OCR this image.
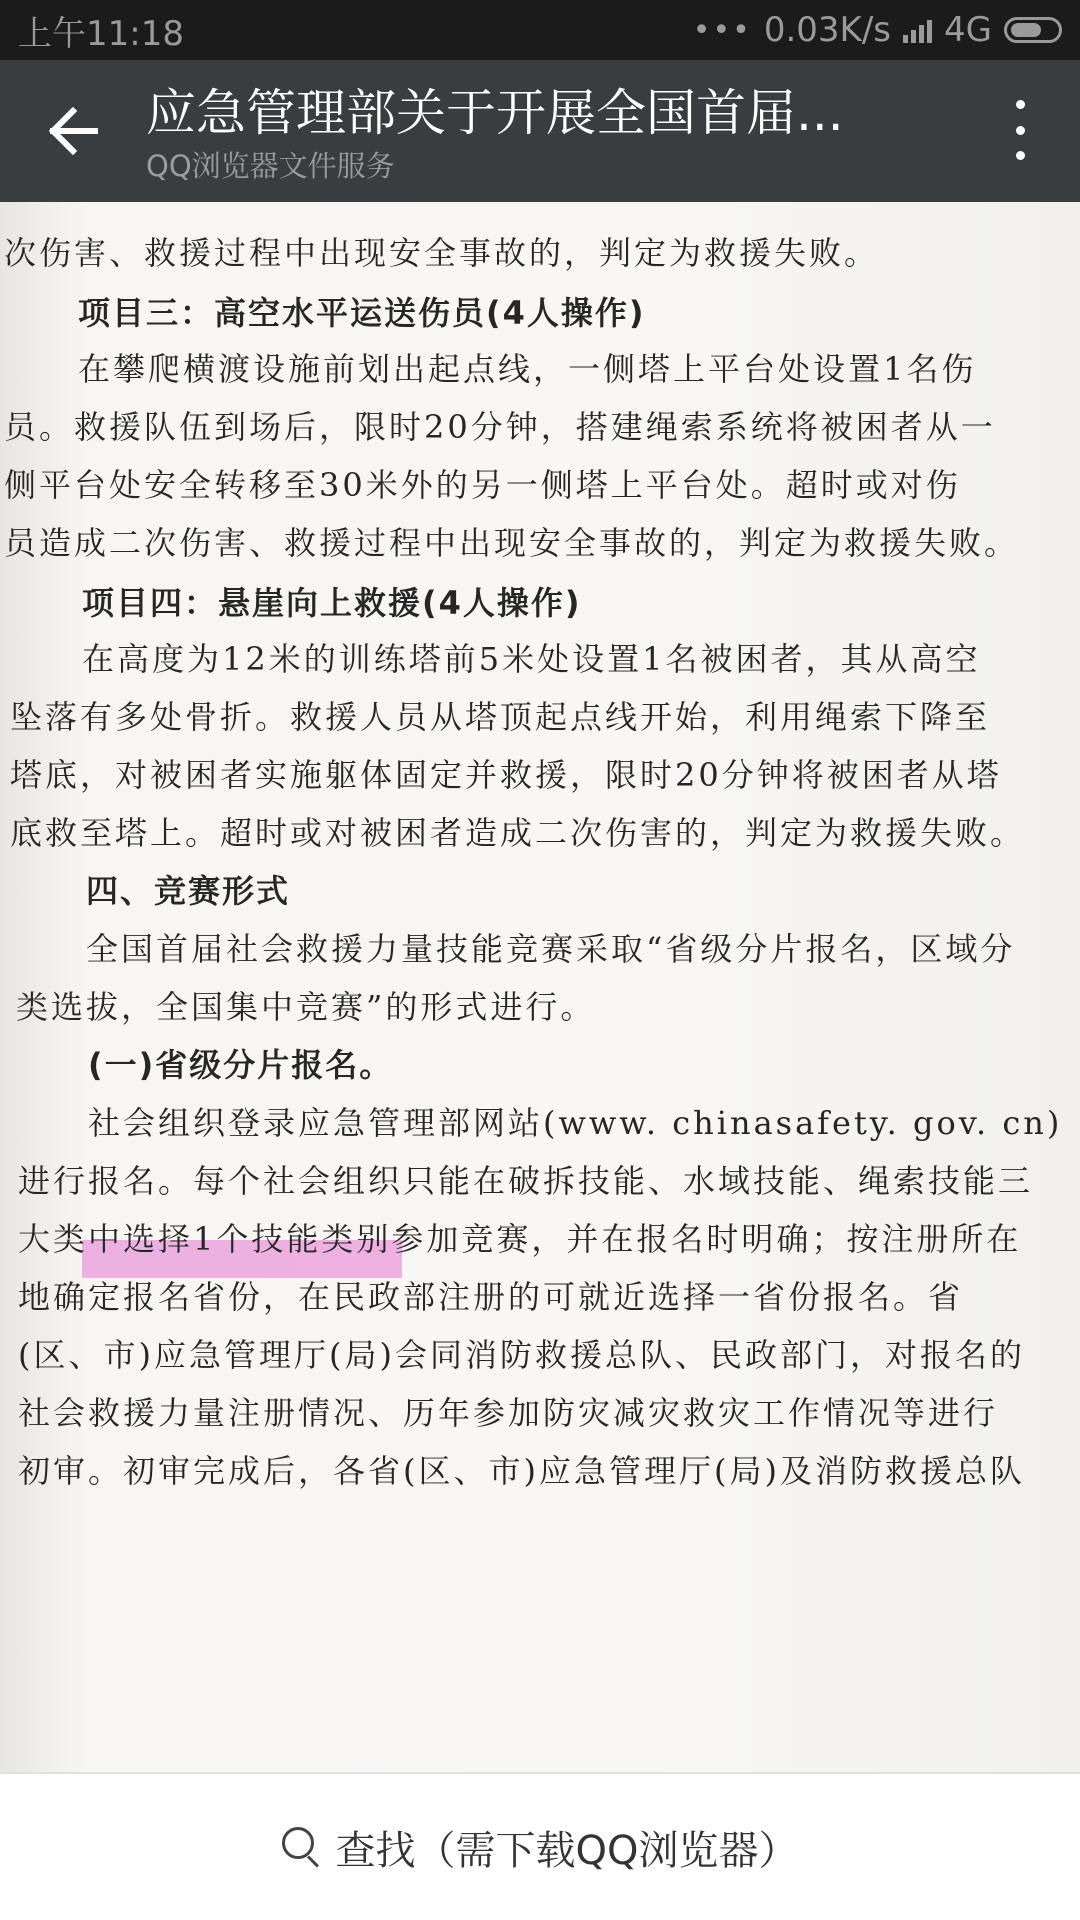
上午11:18	••• 0.03K/s 4G
应急管理部关于开展全国首届...
QQ浏览器文件服务
次伤害、救援过程中出现安全事故的，判定为救援失败。
项目三：高空水平运送伤员(4人操作)
在攀爬横渡设施前划出起点线，一侧塔上平台处设置1名伤
员。救援队伍到场后，限时20分钟，搭建绳索系统将被困者从一
侧平台处安全转移至30米外的另一侧塔上平台处。超时或对伤
员造成二次伤害、救援过程中出现安全事故的，判定为救援失败。
项目四：悬崖向上救援(4人操作)
在高度为12米的训练塔前5米处设置1名被困者，其从高空
坠落有多处骨折。救援人员从塔顶起点线开始，利用绳索下降至
塔底，对被困者实施躯体固定并救援，限时20分钟将被困者从塔
底救至塔上。超时或对被困者造成二次伤害的，判定为救援失败。
四、竞赛形式
全国首届社会救援力量技能竞赛采取“省级分片报名，区域分
类选拔，全国集中竞赛”的形式进行。
(一)省级分片报名。
社会组织登录应急管理部网站(www. chinasafety. gov. cn)
进行报名。每个社会组织只能在破拆技能、水域技能、绳索技能三
大类中选择1个技能类别参加竞赛，并在报名时明确；按注册所在
地确定报名省份，在民政部注册的可就近选择一省份报名。省
(区、市)应急管理厅(局)会同消防救援总队、民政部门，对报名的
社会救援力量注册情况、历年参加防灾减灾救灾工作情况等进行
初审。初审完成后，各省(区、市)应急管理厅(局)及消防救援总队
查找（需下载QQ浏览器）
